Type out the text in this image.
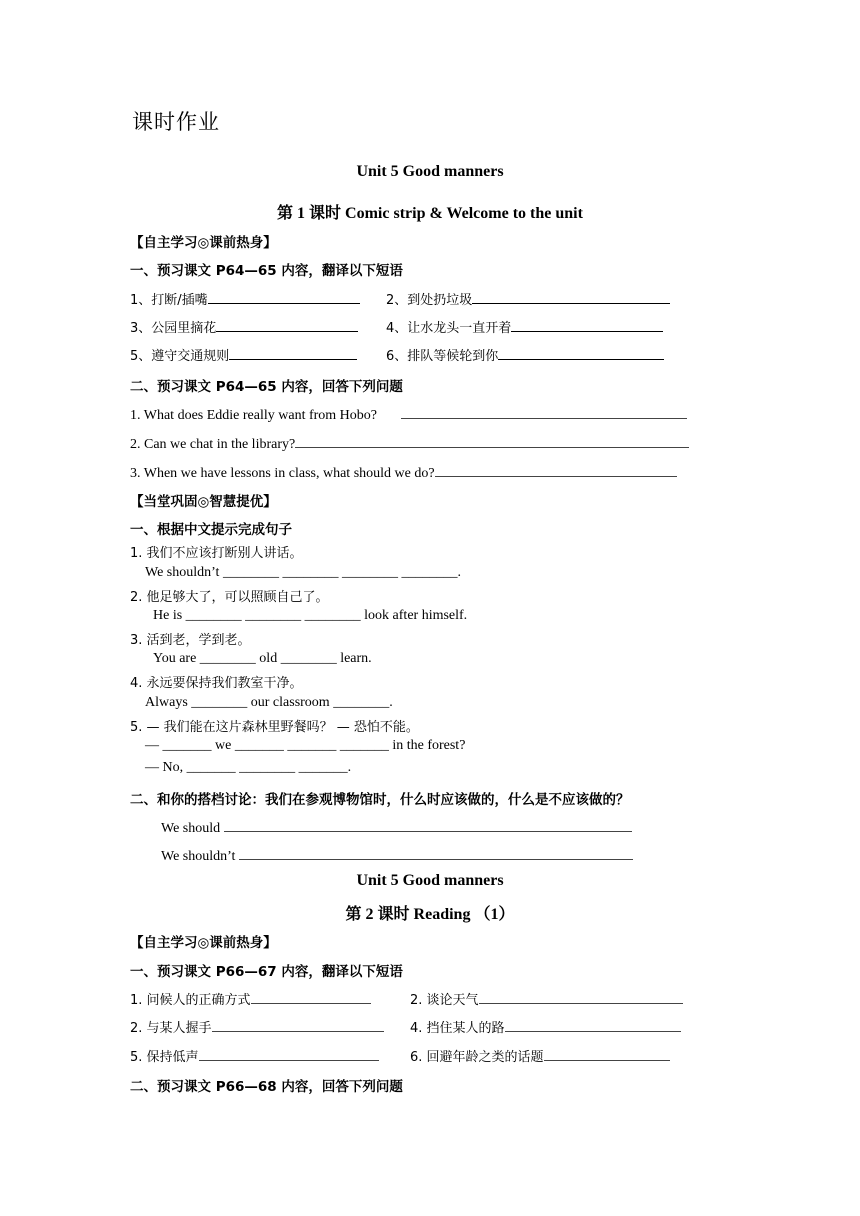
课时作业
Unit 5 Good manners
第 1 课时 Comic strip & Welcome to the unit
【自主学习◎课前热身】
一、预习课文 P64—65 内容，翻译以下短语
1、打断/插嘴	2、到处扔垃圾
3、公园里摘花	4、让水龙头一直开着
5、遵守交通规则	6、排队等候轮到你
二、预习课文 P64—65 内容，回答下列问题
1. What does Eddie really want from Hobo?
2. Can we chat in the library?
3. When we have lessons in class, what should we do?
【当堂巩固◎智慧提优】
一、根据中文提示完成句子
1. 我们不应该打断别人讲话。
We shouldn’t ________ ________ ________ ________.
2. 他足够大了，可以照顾自己了。
He is ________ ________ ________ look after himself.
3. 活到老，学到老。
You are ________ old ________ learn.
4. 永远要保持我们教室干净。
Always ________ our classroom ________.
5. — 我们能在这片森林里野餐吗？ — 恐怕不能。
— _______ we _______ _______ _______ in the forest?
— No, _______ ________ _______.
二、和你的搭档讨论：我们在参观博物馆时，什么时应该做的，什么是不应该做的？
We should
We shouldn’t
Unit 5 Good manners
第 2 课时 Reading （1）
【自主学习◎课前热身】
一、预习课文 P66—67 内容，翻译以下短语
1. 问候人的正确方式	2. 谈论天气
2. 与某人握手	4. 挡住某人的路
5. 保持低声	6. 回避年龄之类的话题
二、预习课文 P66—68 内容，回答下列问题
